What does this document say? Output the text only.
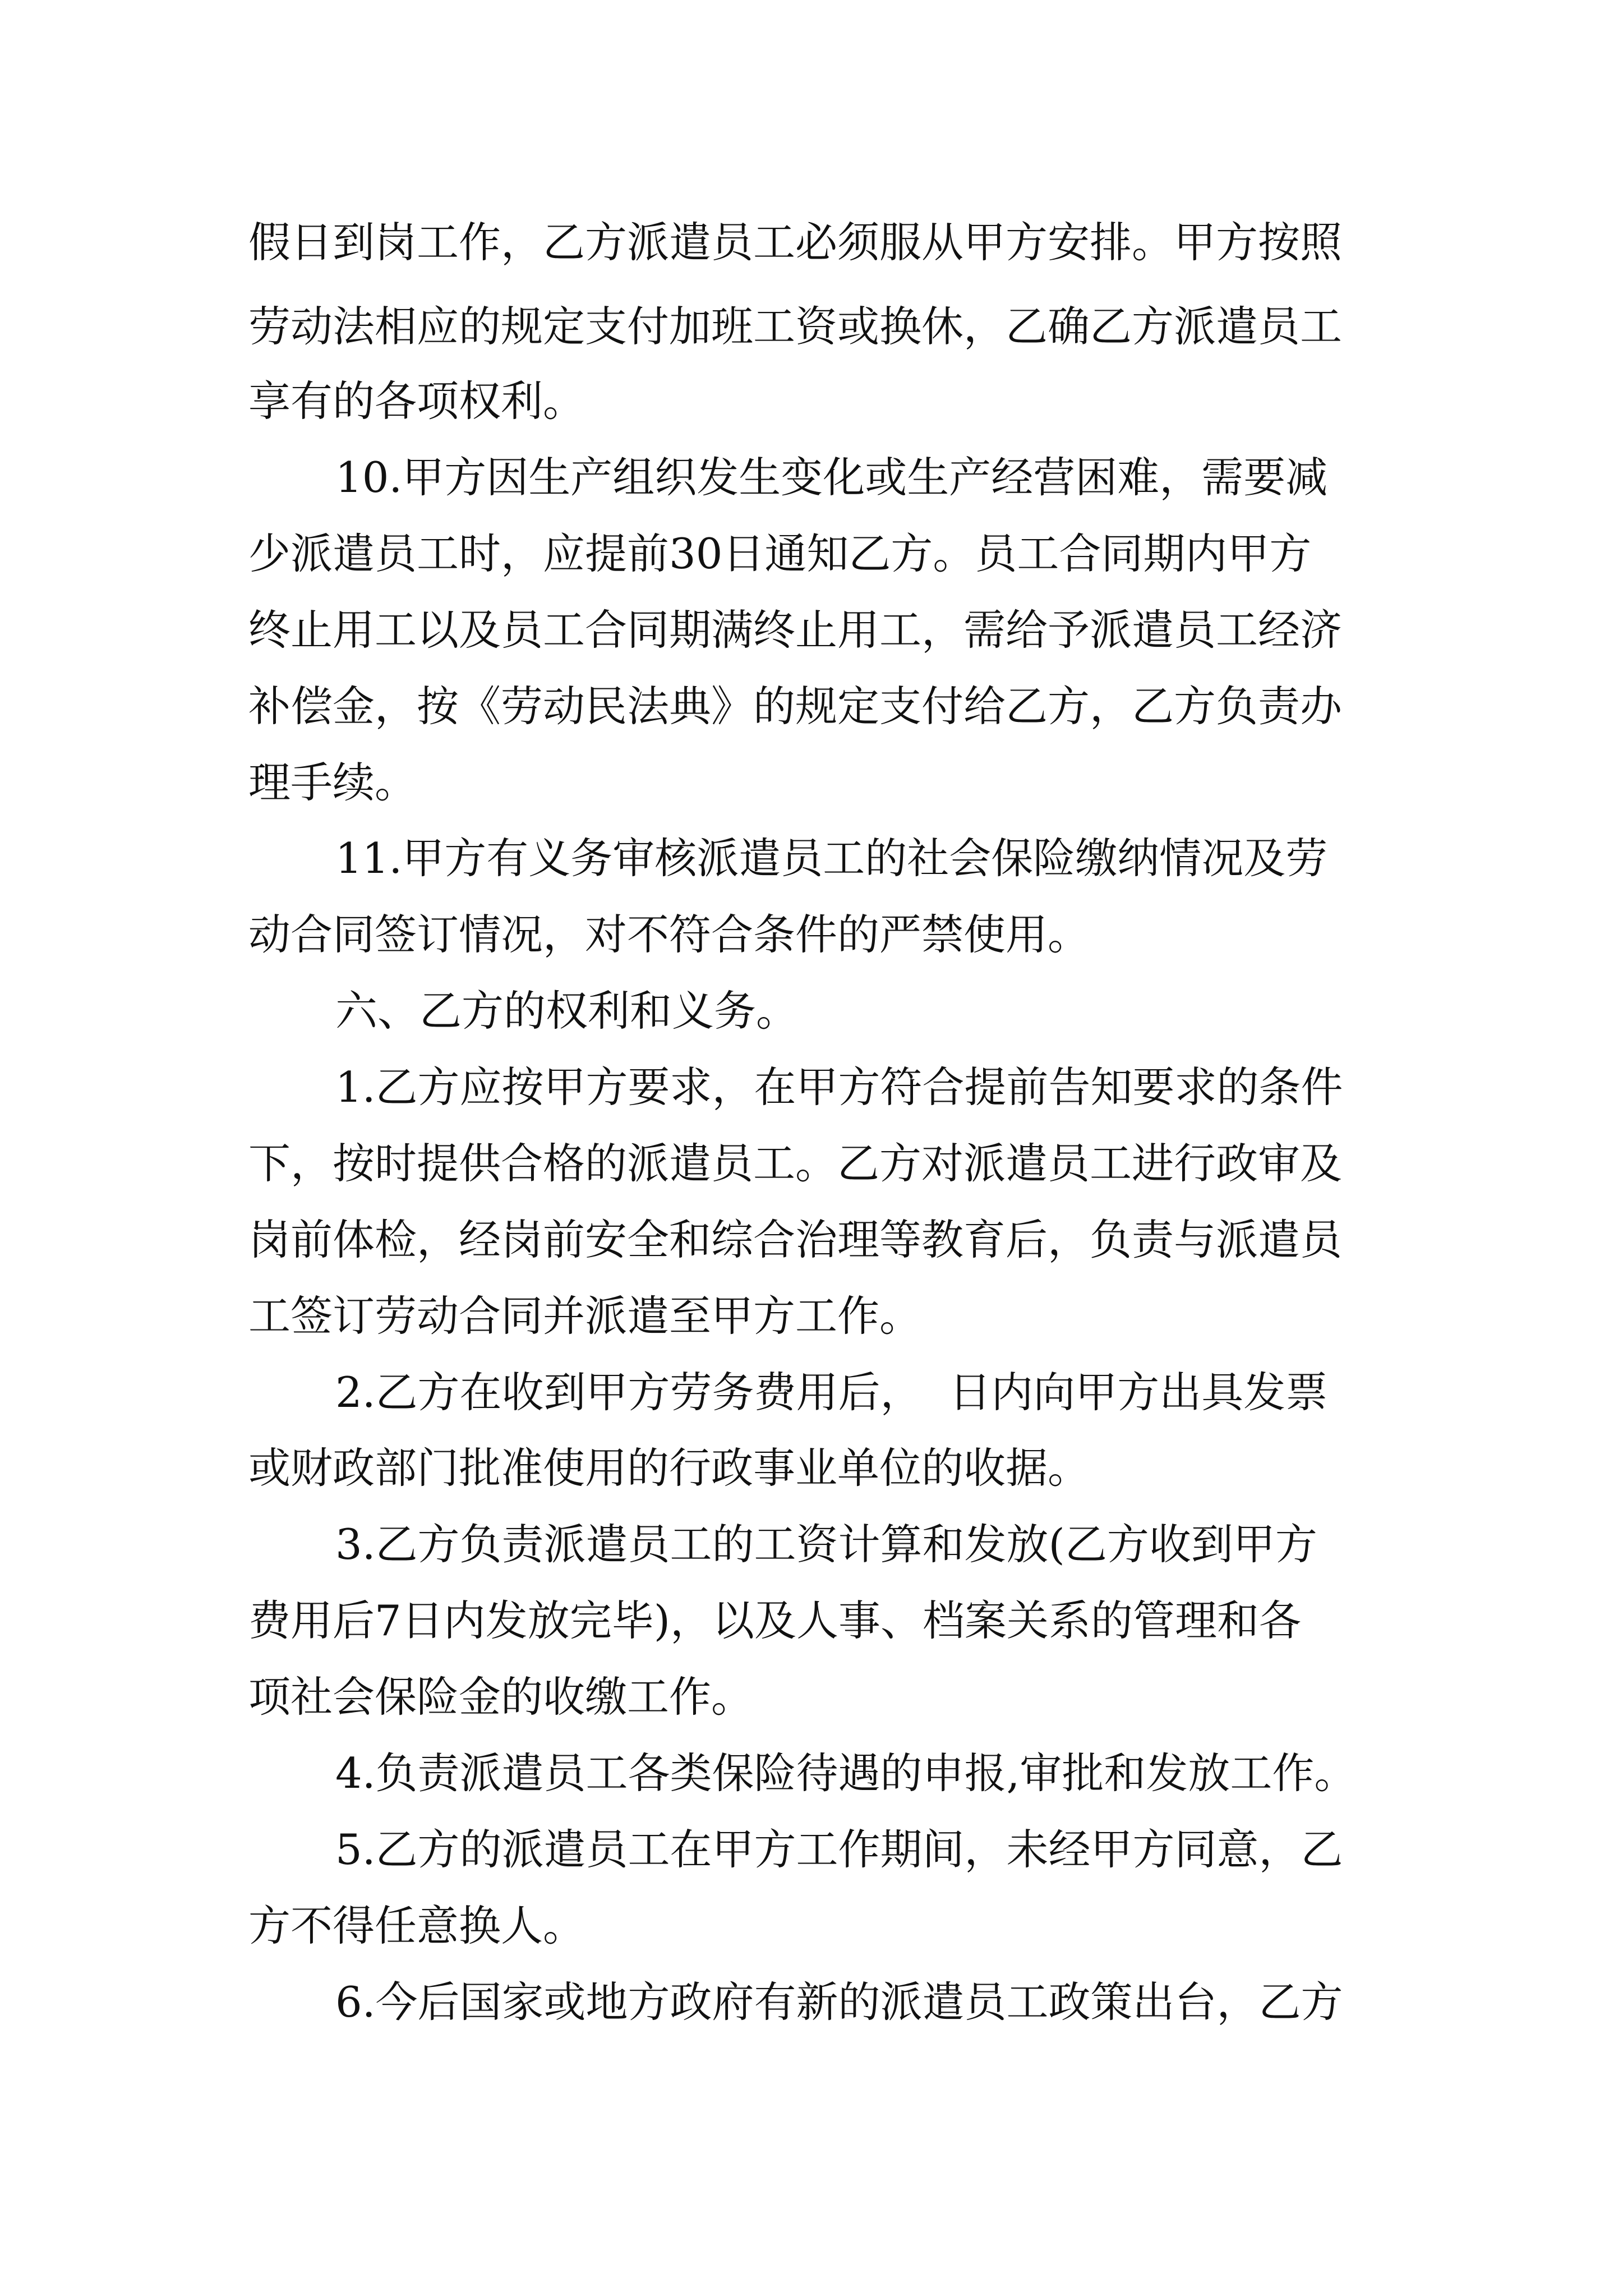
假日到岗工作，乙方派遣员工必须服从甲方安排。甲方按照
劳动法相应的规定支付加班工资或换休，乙确乙方派遣员工
享有的各项权利。
10.甲方因生产组织发生变化或生产经营困难，需要减
少派遣员工时，应提前30日通知乙方。员工合同期内甲方
终止用工以及员工合同期满终止用工，需给予派遣员工经济
补偿金，按《劳动民法典》的规定支付给乙方，乙方负责办
理手续。
11.甲方有义务审核派遣员工的社会保险缴纳情况及劳
动合同签订情况，对不符合条件的严禁使用。
六、乙方的权利和义务。
1.乙方应按甲方要求，在甲方符合提前告知要求的条件
下，按时提供合格的派遣员工。乙方对派遣员工进行政审及
岗前体检，经岗前安全和综合治理等教育后，负责与派遣员
工签订劳动合同并派遣至甲方工作。
2.乙方在收到甲方劳务费用后，  日内向甲方出具发票
或财政部门批准使用的行政事业单位的收据。
3.乙方负责派遣员工的工资计算和发放(乙方收到甲方
费用后7日内发放完毕)，以及人事、档案关系的管理和各
项社会保险金的收缴工作。
4.负责派遣员工各类保险待遇的申报,审批和发放工作。
5.乙方的派遣员工在甲方工作期间，未经甲方同意，乙
方不得任意换人。
6.今后国家或地方政府有新的派遣员工政策出台，乙方
